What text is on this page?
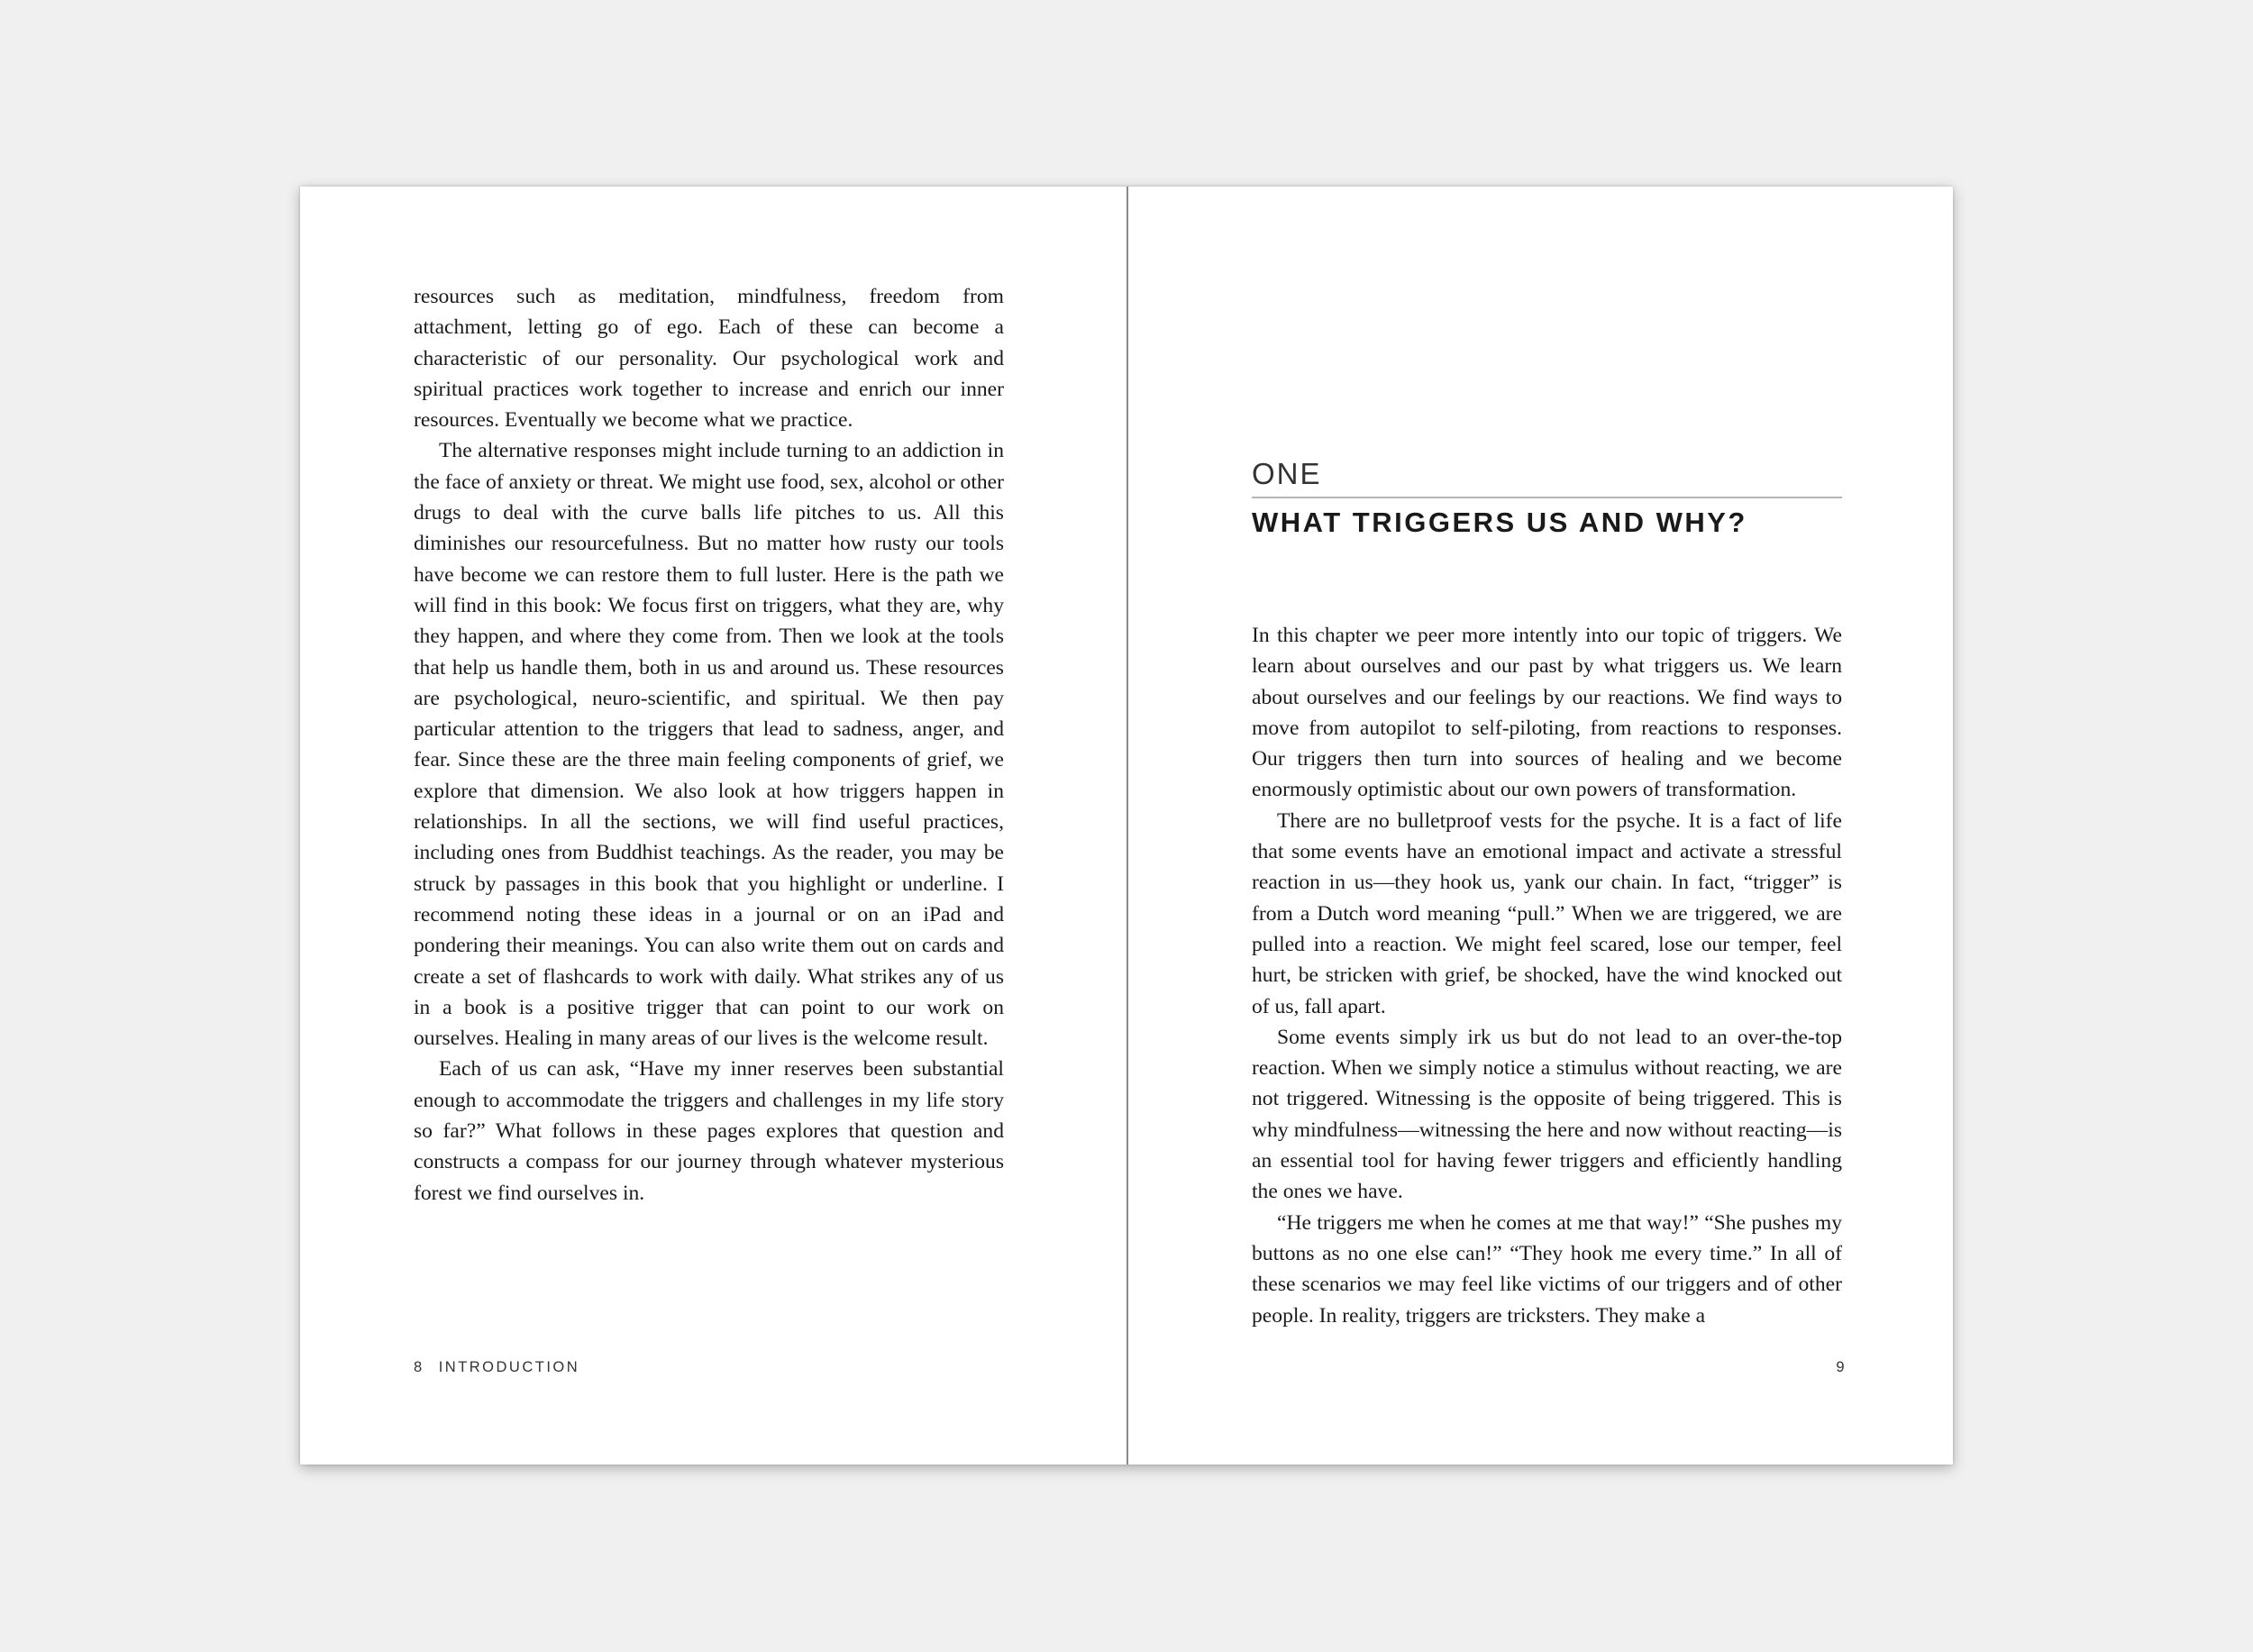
resources such as meditation, mindfulness, freedom from attachment, letting go of ego. Each of these can become a characteristic of our personality. Our psychological work and spiritual practices work together to increase and enrich our inner resources. Eventually we become what we practice.

The alternative responses might include turning to an addiction in the face of anxiety or threat. We might use food, sex, alcohol or other drugs to deal with the curve balls life pitches to us. All this diminishes our resourcefulness. But no matter how rusty our tools have become we can restore them to full luster. Here is the path we will find in this book: We focus first on triggers, what they are, why they happen, and where they come from. Then we look at the tools that help us handle them, both in us and around us. These resources are psychological, neuro-scientific, and spiritual. We then pay particular attention to the triggers that lead to sadness, anger, and fear. Since these are the three main feeling components of grief, we explore that dimension. We also look at how triggers happen in relationships. In all the sections, we will find useful practices, including ones from Buddhist teachings. As the reader, you may be struck by passages in this book that you highlight or underline. I recommend noting these ideas in a journal or on an iPad and pondering their meanings. You can also write them out on cards and create a set of flashcards to work with daily. What strikes any of us in a book is a positive trigger that can point to our work on ourselves. Healing in many areas of our lives is the welcome result.

Each of us can ask, “Have my inner reserves been substantial enough to accommodate the triggers and challenges in my life story so far?” What follows in these pages explores that question and constructs a compass for our journey through whatever mysterious forest we find ourselves in.

8 INTRODUCTION
ONE
WHAT TRIGGERS US AND WHY?

In this chapter we peer more intently into our topic of triggers. We learn about ourselves and our past by what triggers us. We learn about ourselves and our feelings by our reactions. We find ways to move from autopilot to self-piloting, from reactions to responses. Our triggers then turn into sources of healing and we become enormously optimistic about our own powers of transformation.

There are no bulletproof vests for the psyche. It is a fact of life that some events have an emotional impact and activate a stressful reaction in us—they hook us, yank our chain. In fact, “trigger” is from a Dutch word meaning “pull.” When we are triggered, we are pulled into a reaction. We might feel scared, lose our temper, feel hurt, be stricken with grief, be shocked, have the wind knocked out of us, fall apart.

Some events simply irk us but do not lead to an over-the-top reaction. When we simply notice a stimulus without reacting, we are not triggered. Witnessing is the opposite of being triggered. This is why mindfulness—witnessing the here and now without reacting—is an essential tool for having fewer triggers and efficiently handling the ones we have.

“He triggers me when he comes at me that way!” “She pushes my buttons as no one else can!” “They hook me every time.” In all of these scenarios we may feel like victims of our triggers and of other people. In reality, triggers are tricksters. They make a

9
